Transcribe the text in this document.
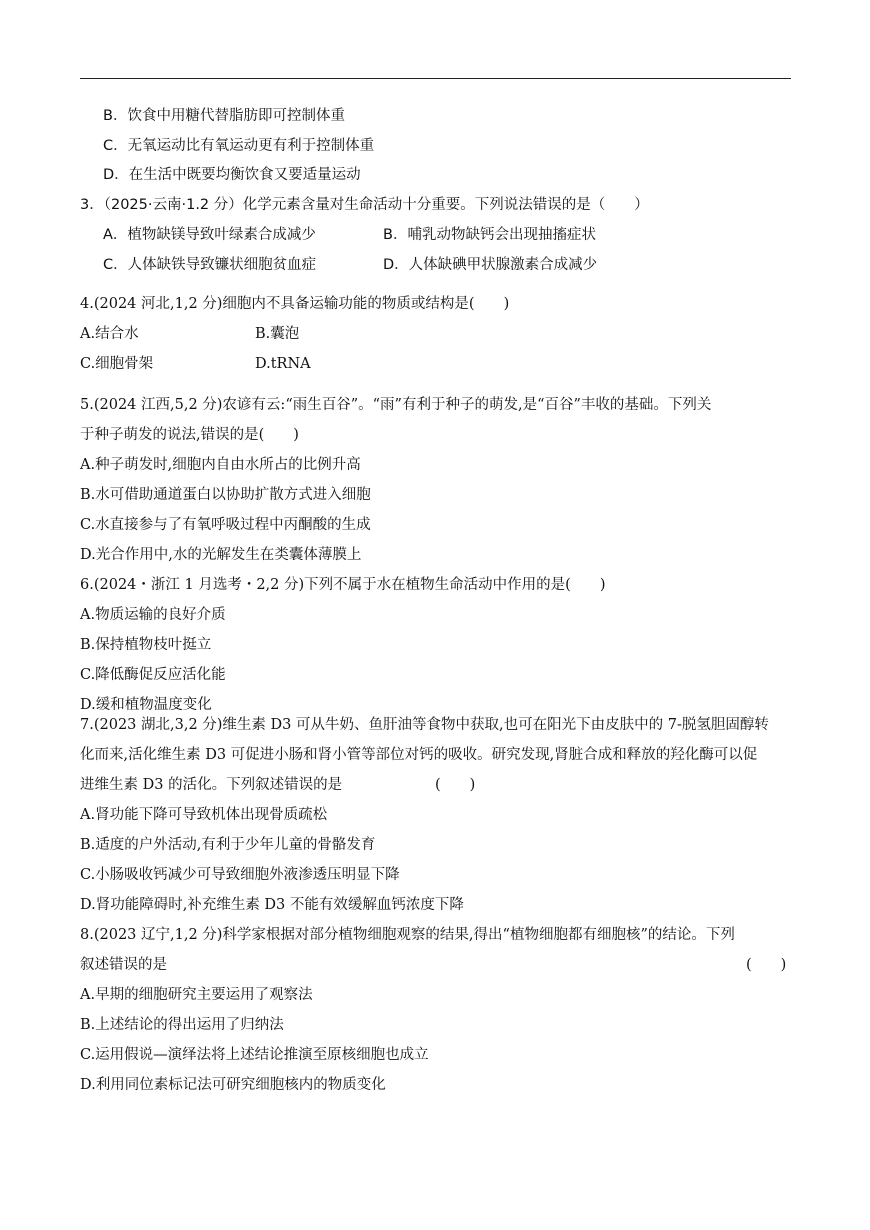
B．饮食中用糖代替脂肪即可控制体重
C．无氧运动比有氧运动更有利于控制体重
D．在生活中既要均衡饮食又要适量运动
3．（2025·云南·1.2 分）化学元素含量对生命活动十分重要。下列说法错误的是（　　）
A．植物缺镁导致叶绿素合成减少	B．哺乳动物缺钙会出现抽搐症状
C．人体缺铁导致镰状细胞贫血症	D．人体缺碘甲状腺激素合成减少
4.(2024 河北,1,2 分)细胞内不具备运输功能的物质或结构是(　　)
A.结合水	B.囊泡
C.细胞骨架	D.tRNA
5.(2024 江西,5,2 分)农谚有云:“雨生百谷”。“雨”有利于种子的萌发,是“百谷”丰收的基础。下列关
于种子萌发的说法,错误的是(　　)
A.种子萌发时,细胞内自由水所占的比例升高
B.水可借助通道蛋白以协助扩散方式进入细胞
C.水直接参与了有氧呼吸过程中丙酮酸的生成
D.光合作用中,水的光解发生在类囊体薄膜上
6.(2024・浙江 1 月选考・2,2 分)下列不属于水在植物生命活动中作用的是(　　)
A.物质运输的良好介质
B.保持植物枝叶挺立
C.降低酶促反应活化能
D.缓和植物温度变化
7.(2023 湖北,3,2 分)维生素 D3 可从牛奶、鱼肝油等食物中获取,也可在阳光下由皮肤中的 7-脱氢胆固醇转
化而来,活化维生素 D3 可促进小肠和肾小管等部位对钙的吸收。研究发现,肾脏合成和释放的羟化酶可以促
进维生素 D3 的活化。下列叙述错误的是	(　　)
A.肾功能下降可导致机体出现骨质疏松
B.适度的户外活动,有利于少年儿童的骨骼发育
C.小肠吸收钙减少可导致细胞外液渗透压明显下降
D.肾功能障碍时,补充维生素 D3 不能有效缓解血钙浓度下降
8.(2023 辽宁,1,2 分)科学家根据对部分植物细胞观察的结果,得出“植物细胞都有细胞核”的结论。下列
叙述错误的是	(　　)
A.早期的细胞研究主要运用了观察法
B.上述结论的得出运用了归纳法
C.运用假说—演绎法将上述结论推演至原核细胞也成立
D.利用同位素标记法可研究细胞核内的物质变化
